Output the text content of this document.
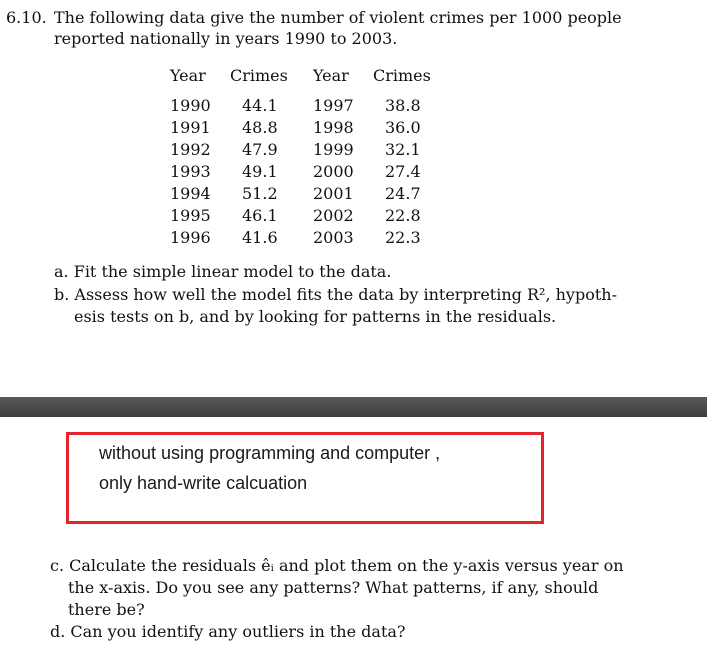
6.10. The following data give the number of violent crimes per 1000 people
reported nationally in years 1990 to 2003.
Year Crimes Year Crimes
1990 44.1 1997 38.8
1991 48.8 1998 36.0
1992 47.9 1999 32.1
1993 49.1 2000 27.4
1994 51.2 2001 24.7
1995 46.1 2002 22.8
1996 41.6 2003 22.3
a. Fit the simple linear model to the data.
b. Assess how well the model fits the data by interpreting R², hypoth-
esis tests on b, and by looking for patterns in the residuals.
without using programming and computer ,
only hand-write calcuation
c. Calculate the residuals êᵢ and plot them on the y-axis versus year on
the x-axis. Do you see any patterns? What patterns, if any, should
there be?
d. Can you identify any outliers in the data?
